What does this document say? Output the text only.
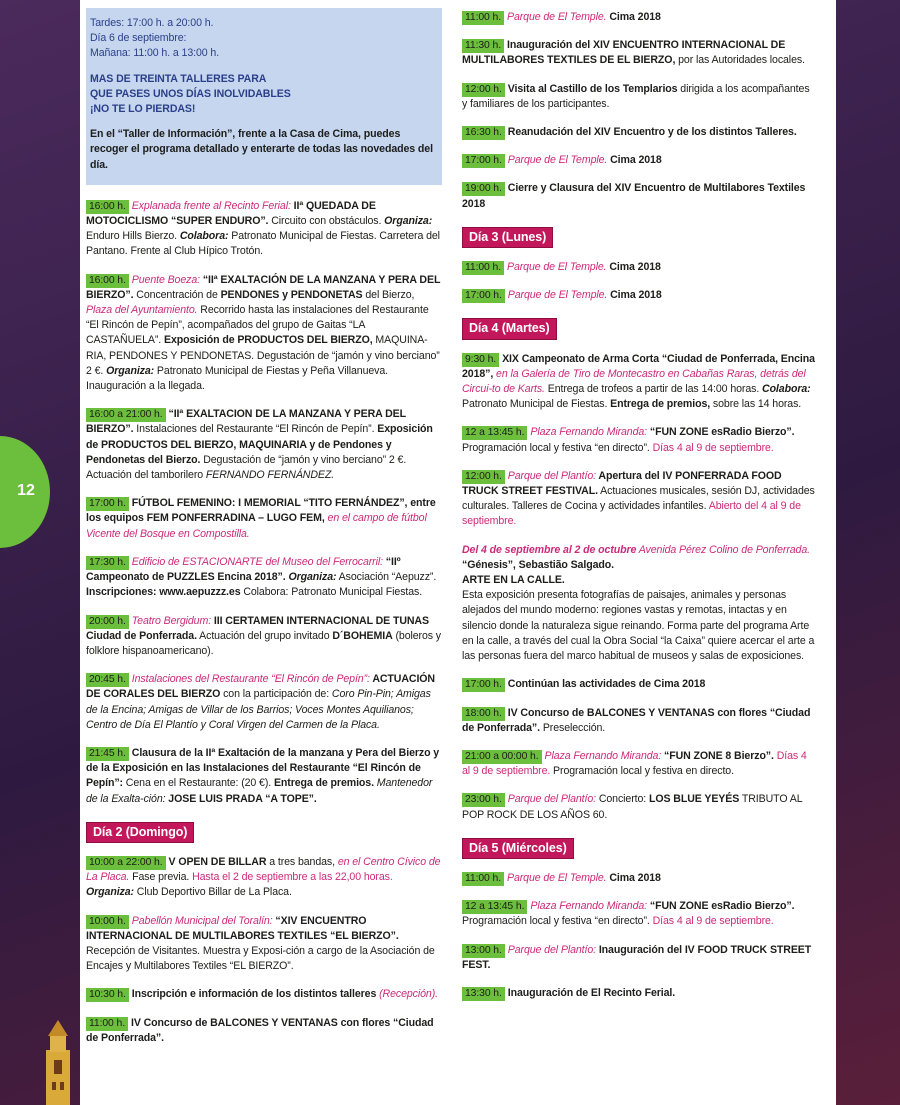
12
Tardes: 17:00 h. a 20:00 h.
Día 6 de septiembre:
Mañana: 11:00 h. a 13:00 h.
MAS DE TREINTA TALLERES PARA
QUE PASES UNOS DÍAS INOLVIDABLES
¡NO TE LO PIERDAS!
En el “Taller de Información”, frente a la Casa de Cima, puedes recoger el programa detallado y enterarte de todas las novedades del día.
16:00 h. Explanada frente al Recinto Ferial: IIª QUEDADA DE MOTOCICLISMO “SUPER ENDURO”. Circuito con obstáculos. Organiza: Enduro Hills Bierzo. Colabora: Patronato Municipal de Fiestas. Carretera del Pantano. Frente al Club Hípico Trotón.
16:00 h. Puente Boeza: “IIª EXALTACIÓN DE LA MANZANA Y PERA DEL BIERZO”. Concentración de PENDONES y PENDONETAS del Bierzo, Plaza del Ayuntamiento. Recorrido hasta las instalaciones del Restaurante “El Rincón de Pepín”, acompañados del grupo de Gaitas “LA CASTAÑUELA”. Exposición de PRODUCTOS DEL BIERZO, MAQUINA-RIA, PENDONES Y PENDONETAS. Degustación de “jamón y vino berciano” 2 €. Organiza: Patronato Municipal de Fiestas y Peña Villanueva. Inauguración a la llegada.
16:00 a 21:00 h. “IIª EXALTACION DE LA MANZANA Y PERA DEL BIERZO”. Instalaciones del Restaurante “El Rincón de Pepín”. Exposición de PRODUCTOS DEL BIERZO, MAQUINARIA y de Pendones y Pendonetas del Bierzo. Degustación de “jamón y vino berciano” 2 €. Actuación del tamborilero FERNANDO FERNÁNDEZ.
17:00 h. FÚTBOL FEMENINO: I MEMORIAL “TITO FERNÁNDEZ”, entre los equipos FEM PONFERRADINA – LUGO FEM, en el campo de fútbol Vicente del Bosque en Compostilla.
17:30 h. Edificio de ESTACIONARTE del Museo del Ferrocarril: “IIº Campeonato de PUZZLES Encina 2018”. Organiza: Asociación “Aepuzz”. Inscripciones: www.aepuzzz.es Colabora: Patronato Municipal Fiestas.
20:00 h. Teatro Bergidum: III CERTAMEN INTERNACIONAL DE TUNAS Ciudad de Ponferrada. Actuación del grupo invitado D´BOHEMIA (boleros y folklore hispanoamericano).
20:45 h. Instalaciones del Restaurante “El Rincón de Pepín”: ACTUACIÓN DE CORALES DEL BIERZO con la participación de: Coro Pin-Pin; Amigas de la Encina; Amigas de Villar de los Barrios; Voces Montes Aquilianos; Centro de Día El Plantío y Coral Virgen del Carmen de la Placa.
21:45 h. Clausura de la IIª Exaltación de la manzana y Pera del Bierzo y de la Exposición en las Instalaciones del Restaurante “El Rincón de Pepín”: Cena en el Restaurante: (20 €). Entrega de premios. Mantenedor de la Exalta-ción: JOSE LUIS PRADA “A TOPE”.
Día 2 (Domingo)
10:00 a 22:00 h. V OPEN DE BILLAR a tres bandas, en el Centro Cívico de La Placa. Fase previa. Hasta el 2 de septiembre a las 22,00 horas. Organiza: Club Deportivo Billar de La Placa.
10:00 h. Pabellón Municipal del Toralín: “XIV ENCUENTRO INTERNACIONAL DE MULTILABORES TEXTILES “EL BIERZO”. Recepción de Visitantes. Muestra y Exposi-ción a cargo de la Asociación de Encajes y Multilabores Textiles “EL BIERZO”.
10:30 h. Inscripción e información de los distintos talleres (Recepción).
11:00 h. IV Concurso de BALCONES Y VENTANAS con flores “Ciudad de Ponferrada”.
11:00 h. Parque de El Temple. Cima 2018
11:30 h. Inauguración del XIV ENCUENTRO INTERNACIONAL DE MULTILABORES TEXTILES DE EL BIERZO, por las Autoridades locales.
12:00 h. Visita al Castillo de los Templarios dirigida a los acompañantes y familiares de los participantes.
16:30 h. Reanudación del XIV Encuentro y de los distintos Talleres.
17:00 h. Parque de El Temple. Cima 2018
19:00 h. Cierre y Clausura del XIV Encuentro de Multilabores Textiles 2018
Día 3 (Lunes)
11:00 h. Parque de El Temple. Cima 2018
17:00 h. Parque de El Temple. Cima 2018
Día 4 (Martes)
9:30 h. XIX Campeonato de Arma Corta “Ciudad de Ponferrada, Encina 2018”, en la Galería de Tiro de Montecastro en Cabañas Raras, detrás del Circui-to de Karts. Entrega de trofeos a partir de las 14:00 horas. Colabora: Patronato Municipal de Fiestas. Entrega de premios, sobre las 14 horas.
12 a 13:45 h. Plaza Fernando Miranda: “FUN ZONE esRadio Bierzo”. Programación local y festiva “en directo”. Días 4 al 9 de septiembre.
12:00 h. Parque del Plantío: Apertura del IV PONFERRADA FOOD TRUCK STREET FESTIVAL. Actuaciones musicales, sesión DJ, actividades culturales. Talleres de Cocina y actividades infantiles. Abierto del 4 al 9 de septiembre.
Del 4 de septiembre al 2 de octubre Avenida Pérez Colino de Ponferrada.
“Génesis”, Sebastião Salgado.
ARTE EN LA CALLE.
Esta exposición presenta fotografías de paisajes, animales y personas alejados del mundo moderno: regiones vastas y remotas, intactas y en silencio donde la naturaleza sigue reinando. Forma parte del programa Arte en la calle, a través del cual la Obra Social “la Caixa” quiere acercar el arte a las personas fuera del marco habitual de museos y salas de exposiciones.
17:00 h. Continúan las actividades de Cima 2018
18:00 h. IV Concurso de BALCONES Y VENTANAS con flores “Ciudad de Ponferrada”. Preselección.
21:00 a 00:00 h. Plaza Fernando Miranda: “FUN ZONE 8 Bierzo”. Días 4 al 9 de septiembre. Programación local y festiva en directo.
23:00 h. Parque del Plantío: Concierto: LOS BLUE YEYÉS TRIBUTO AL POP ROCK DE LOS AÑOS 60.
Día 5 (Miércoles)
11:00 h. Parque de El Temple. Cima 2018
12 a 13:45 h. Plaza Fernando Miranda: “FUN ZONE esRadio Bierzo”. Programación local y festiva “en directo”. Días 4 al 9 de septiembre.
13:00 h. Parque del Plantío: Inauguración del IV FOOD TRUCK STREET FEST.
13:30 h. Inauguración de El Recinto Ferial.
